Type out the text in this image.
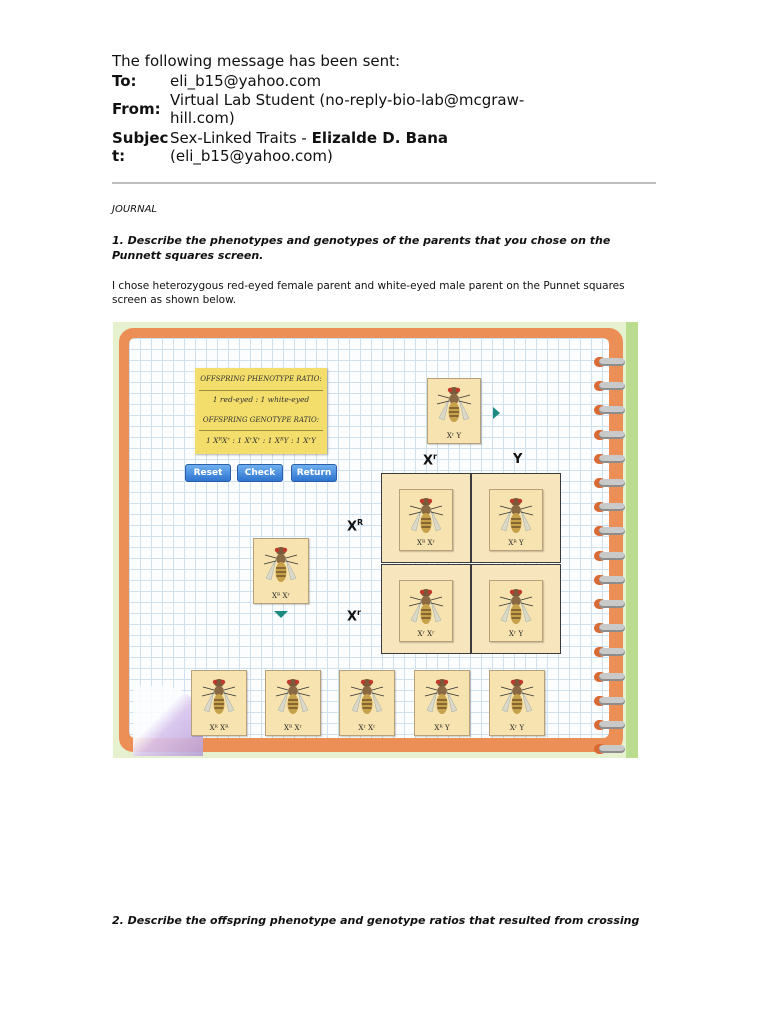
The following message has been sent:
To:	eli_b15@yahoo.com
From:	Virtual Lab Student (no-reply-bio-lab@mcgraw-hill.com)
Subjec
t:	Sex-Linked Traits - Elizalde D. Bana
(eli_b15@yahoo.com)
JOURNAL
1. Describe the phenotypes and genotypes of the parents that you chose on the Punnett squares screen.
I chose heterozygous red-eyed female parent and white-eyed male parent on the Punnet squares screen as shown below.
OFFSPRING PHENOTYPE RATIO:
1 red-eyed : 1 white-eyed
OFFSPRING GENOTYPE RATIO:
1 XᴿXʳ : 1 XʳXʳ : 1 XᴿY : 1 XʳY
Reset	Check	Return
Xʳ Y
Xᴿ Xʳ
$X^r$	Y
$X^R$
$X^r$
Xᴿ Xʳ	Xᴿ Y
Xʳ Xʳ	Xʳ Y
Xᴿ Xᴿ	Xᴿ Xʳ	Xʳ Xʳ	Xᴿ Y	Xʳ Y
2. Describe the offspring phenotype and genotype ratios that resulted from crossing
